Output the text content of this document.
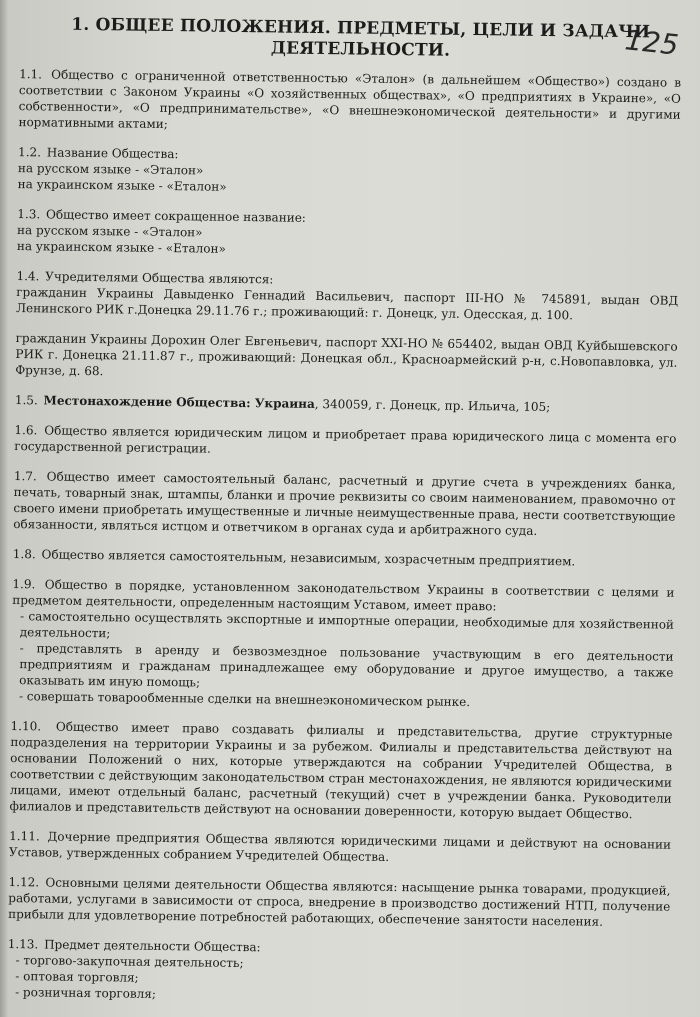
125
1. ОБЩЕЕ ПОЛОЖЕНИЯ. ПРЕДМЕТЫ, ЦЕЛИ И ЗАДАЧИ
ДЕЯТЕЛЬНОСТИ.

1.1. Общество с ограниченной ответственностью «Эталон» (в дальнейшем «Общество») создано в соответствии с Законом Украины «О хозяйственных обществах», «О предприятиях в Украине», «О собственности», «О предпринимательстве», «О внешнеэкономической деятельности» и другими нормативными актами;

1.2. Название Общества:

на русском языке - «Эталон»

на украинском языке - «Еталон»

1.3. Общество имеет сокращенное название:

на русском языке - «Эталон»

на украинском языке - «Еталон»

1.4. Учредителями Общества являются:

гражданин Украины Давыденко Геннадий Васильевич, паспорт III-НО № 745891, выдан ОВД Ленинского РИК г.Донецка 29.11.76 г.; проживающий: г. Донецк, ул. Одесская, д. 100.

гражданин Украины Дорохин Олег Евгеньевич, паспорт XXI-НО № 654402, выдан ОВД Куйбышевского РИК г. Донецка 21.11.87 г., проживающий: Донецкая обл., Красноармейский р-н, с.Новопавловка, ул. Фрунзе, д. 68.

1.5. Местонахождение Общества: Украина, 340059, г. Донецк, пр. Ильича, 105;

1.6. Общество является юридическим лицом и приобретает права юридического лица с момента его государственной регистрации.

1.7. Общество имеет самостоятельный баланс, расчетный и другие счета в учреждениях банка, печать, товарный знак, штампы, бланки и прочие реквизиты со своим наименованием, правомочно от своего имени приобретать имущественные и личные неимущественные права, нести соответствующие обязанности, являться истцом и ответчиком в органах суда и арбитражного суда.

1.8. Общество является самостоятельным, независимым, хозрасчетным предприятием.

1.9. Общество в порядке, установленном законодательством Украины в соответствии с целями и предметом деятельности, определенным настоящим Уставом, имеет право:

- самостоятельно осуществлять экспортные и импортные операции, необходимые для хозяйственной деятельности;

- представлять в аренду и безвозмездное пользование участвующим в его деятельности предприятиям и гражданам принадлежащее ему оборудование и другое имущество, а также оказывать им иную помощь;

- совершать товарообменные сделки на внешнеэкономическом рынке.

1.10. Общество имеет право создавать филиалы и представительства, другие структурные подразделения на территории Украины и за рубежом. Филиалы и представительства действуют на основании Положений о них, которые утверждаются на собрании Учредителей Общества, в соответствии с действующим законодательством стран местонахождения, не являются юридическими лицами, имеют отдельный баланс, расчетный (текущий) счет в учреждении банка. Руководители филиалов и представительств действуют на основании доверенности, которую выдает Общество.

1.11. Дочерние предприятия Общества являются юридическими лицами и действуют на основании Уставов, утвержденных собранием Учредителей Общества.

1.12. Основными целями деятельности Общества являются: насыщение рынка товарами, продукцией, работами, услугами в зависимости от спроса, внедрение в производство достижений НТП, получение прибыли для удовлетворение потребностей работающих, обеспечение занятости населения.

1.13. Предмет деятельности Общества:

- торгово-закупочная деятельность;

- оптовая торговля;

- розничная торговля;
